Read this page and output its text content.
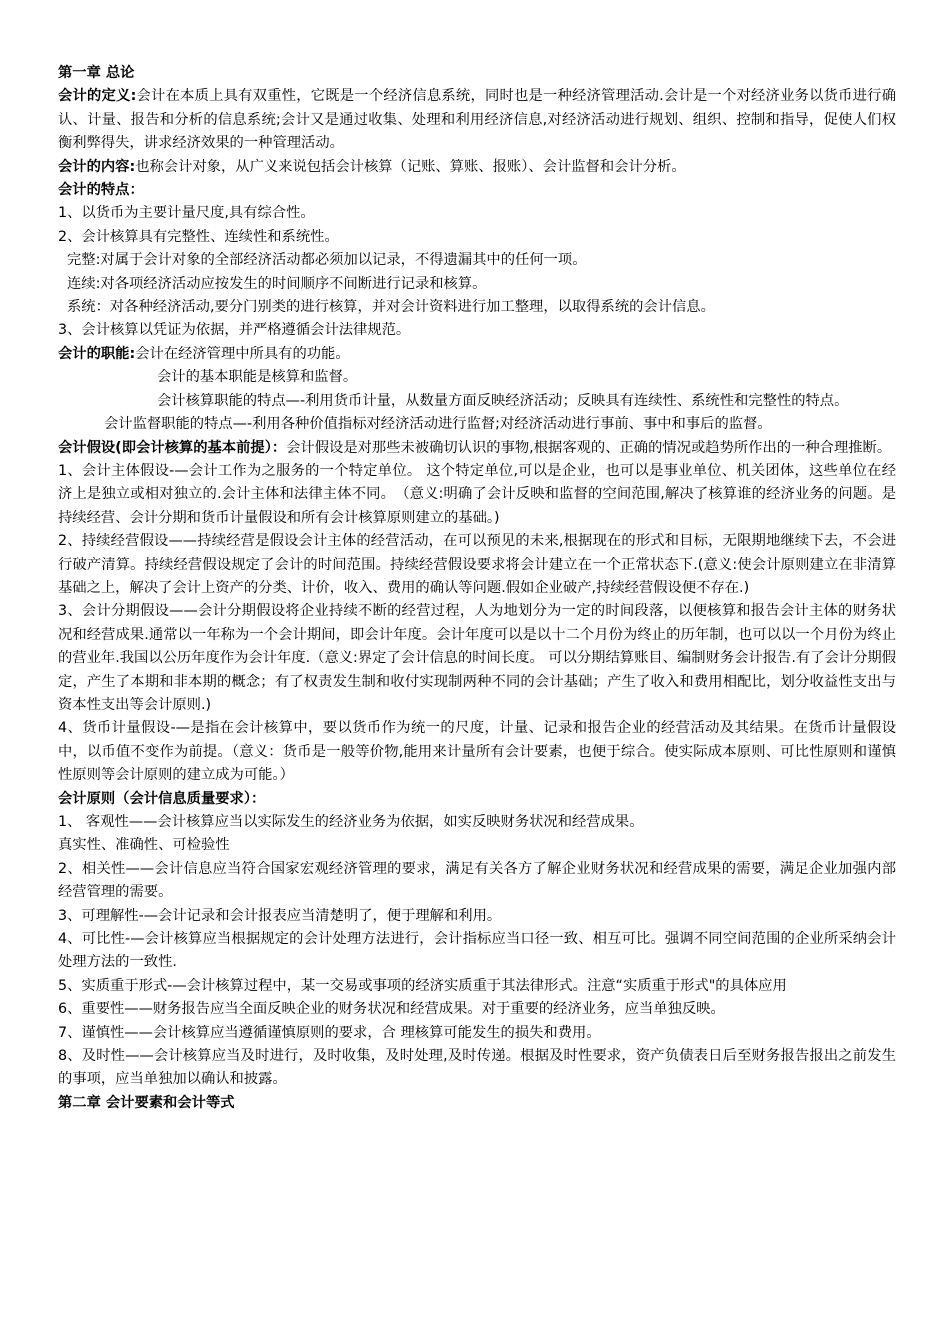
第一章 总论

会计的定义:会计在本质上具有双重性，它既是一个经济信息系统，同时也是一种经济管理活动.会计是一个对经济业务以货币进行确认、计量、报告和分析的信息系统;会计又是通过收集、处理和利用经济信息,对经济活动进行规划、组织、控制和指导，促使人们权衡利弊得失，讲求经济效果的一种管理活动。

会计的内容:也称会计对象，从广义来说包括会计核算（记账、算账、报账）、会计监督和会计分析。

会计的特点：

1、以货币为主要计量尺度,具有综合性。

2、会计核算具有完整性、连续性和系统性。

完整:对属于会计对象的全部经济活动都必须加以记录，不得遗漏其中的任何一项。

连续:对各项经济活动应按发生的时间顺序不间断进行记录和核算。

系统：对各种经济活动,要分门别类的进行核算，并对会计资料进行加工整理，以取得系统的会计信息。

3、会计核算以凭证为依据，并严格遵循会计法律规范。

会计的职能:会计在经济管理中所具有的功能。

会计的基本职能是核算和监督。

会计核算职能的特点—-利用货币计量，从数量方面反映经济活动；反映具有连续性、系统性和完整性的特点。

会计监督职能的特点—-利用各种价值指标对经济活动进行监督;对经济活动进行事前、事中和事后的监督。

会计假设(即会计核算的基本前提）：会计假设是对那些未被确切认识的事物,根据客观的、正确的情况或趋势所作出的一种合理推断。

1、会计主体假设-—会计工作为之服务的一个特定单位。 这个特定单位,可以是企业，也可以是事业单位、机关团体，这些单位在经济上是独立或相对独立的.会计主体和法律主体不同。　（意义:明确了会计反映和监督的空间范围,解决了核算谁的经济业务的问题。是持续经营、会计分期和货币计量假设和所有会计核算原则建立的基础。)

2、持续经营假设——持续经营是假设会计主体的经营活动，在可以预见的未来,根据现在的形式和目标，无限期地继续下去，不会进行破产清算。持续经营假设规定了会计的时间范围。持续经营假设要求将会计建立在一个正常状态下.(意义:使会计原则建立在非清算基础之上，解决了会计上资产的分类、计价，收入、费用的确认等问题.假如企业破产,持续经营假设便不存在.)

3、会计分期假设——会计分期假设将企业持续不断的经营过程，人为地划分为一定的时间段落，以便核算和报告会计主体的财务状况和经营成果.通常以一年称为一个会计期间，即会计年度。会计年度可以是以十二个月份为终止的历年制，也可以以一个月份为终止的营业年.我国以公历年度作为会计年度.（意义:界定了会计信息的时间长度。 可以分期结算账目、编制财务会计报告.有了会计分期假定，产生了本期和非本期的概念；有了权责发生制和收付实现制两种不同的会计基础；产生了收入和费用相配比，划分收益性支出与资本性支出等会计原则.)

4、货币计量假设-—是指在会计核算中，要以货币作为统一的尺度，计量、记录和报告企业的经营活动及其结果。在货币计量假设中，以币值不变作为前提。（意义：货币是一般等价物,能用来计量所有会计要素，也便于综合。使实际成本原则、可比性原则和谨慎性原则等会计原则的建立成为可能。）

会计原则（会计信息质量要求）：

1、 客观性——会计核算应当以实际发生的经济业务为依据，如实反映财务状况和经营成果。

真实性、准确性、可检验性

2、相关性——会计信息应当符合国家宏观经济管理的要求，满足有关各方了解企业财务状况和经营成果的需要，满足企业加强内部经营管理的需要。

3、可理解性-—会计记录和会计报表应当清楚明了，便于理解和利用。

4、可比性-—会计核算应当根据规定的会计处理方法进行，会计指标应当口径一致、相互可比。强调不同空间范围的企业所采纳会计处理方法的一致性.

5、实质重于形式-—会计核算过程中，某一交易或事项的经济实质重于其法律形式。注意“实质重于形式"的具体应用

6、重要性——财务报告应当全面反映企业的财务状况和经营成果。对于重要的经济业务，应当单独反映。

7、谨慎性——会计核算应当遵循谨慎原则的要求，合 理核算可能发生的损失和费用。

8、及时性——会计核算应当及时进行，及时收集，及时处理,及时传递。根据及时性要求，资产负债表日后至财务报告报出之前发生的事项，应当单独加以确认和披露。

第二章 会计要素和会计等式
